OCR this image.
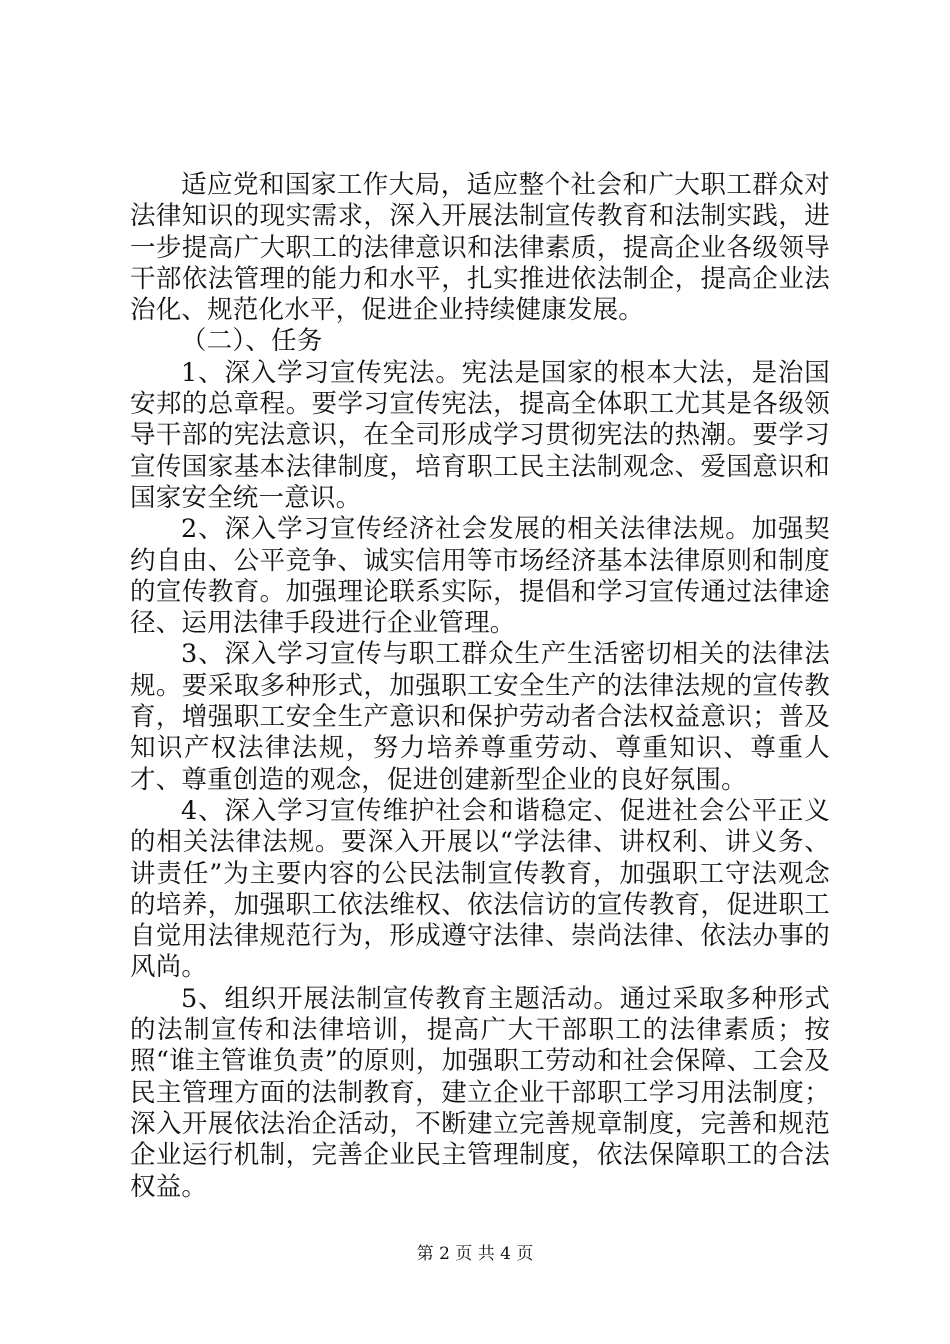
适应党和国家工作大局，适应整个社会和广大职工群众对法律知识的现实需求，深入开展法制宣传教育和法制实践，进一步提高广大职工的法律意识和法律素质，提高企业各级领导干部依法管理的能力和水平，扎实推进依法制企，提高企业法治化、规范化水平，促进企业持续健康发展。

（二）、任务

1、深入学习宣传宪法。宪法是国家的根本大法，是治国安邦的总章程。要学习宣传宪法，提高全体职工尤其是各级领导干部的宪法意识，在全司形成学习贯彻宪法的热潮。要学习宣传国家基本法律制度，培育职工民主法制观念、爱国意识和国家安全统一意识。

2、深入学习宣传经济社会发展的相关法律法规。加强契约自由、公平竞争、诚实信用等市场经济基本法律原则和制度的宣传教育。加强理论联系实际，提倡和学习宣传通过法律途径、运用法律手段进行企业管理。

3、深入学习宣传与职工群众生产生活密切相关的法律法规。要采取多种形式，加强职工安全生产的法律法规的宣传教育，增强职工安全生产意识和保护劳动者合法权益意识；普及知识产权法律法规，努力培养尊重劳动、尊重知识、尊重人才、尊重创造的观念，促进创建新型企业的良好氛围。

4、深入学习宣传维护社会和谐稳定、促进社会公平正义的相关法律法规。要深入开展以“学法律、讲权利、讲义务、讲责任”为主要内容的公民法制宣传教育，加强职工守法观念的培养，加强职工依法维权、依法信访的宣传教育，促进职工自觉用法律规范行为，形成遵守法律、崇尚法律、依法办事的风尚。

5、组织开展法制宣传教育主题活动。通过采取多种形式的法制宣传和法律培训，提高广大干部职工的法律素质；按照“谁主管谁负责”的原则，加强职工劳动和社会保障、工会及民主管理方面的法制教育，建立企业干部职工学习用法制度；深入开展依法治企活动，不断建立完善规章制度，完善和规范企业运行机制，完善企业民主管理制度，依法保障职工的合法权益。

第 2 页 共 4 页
